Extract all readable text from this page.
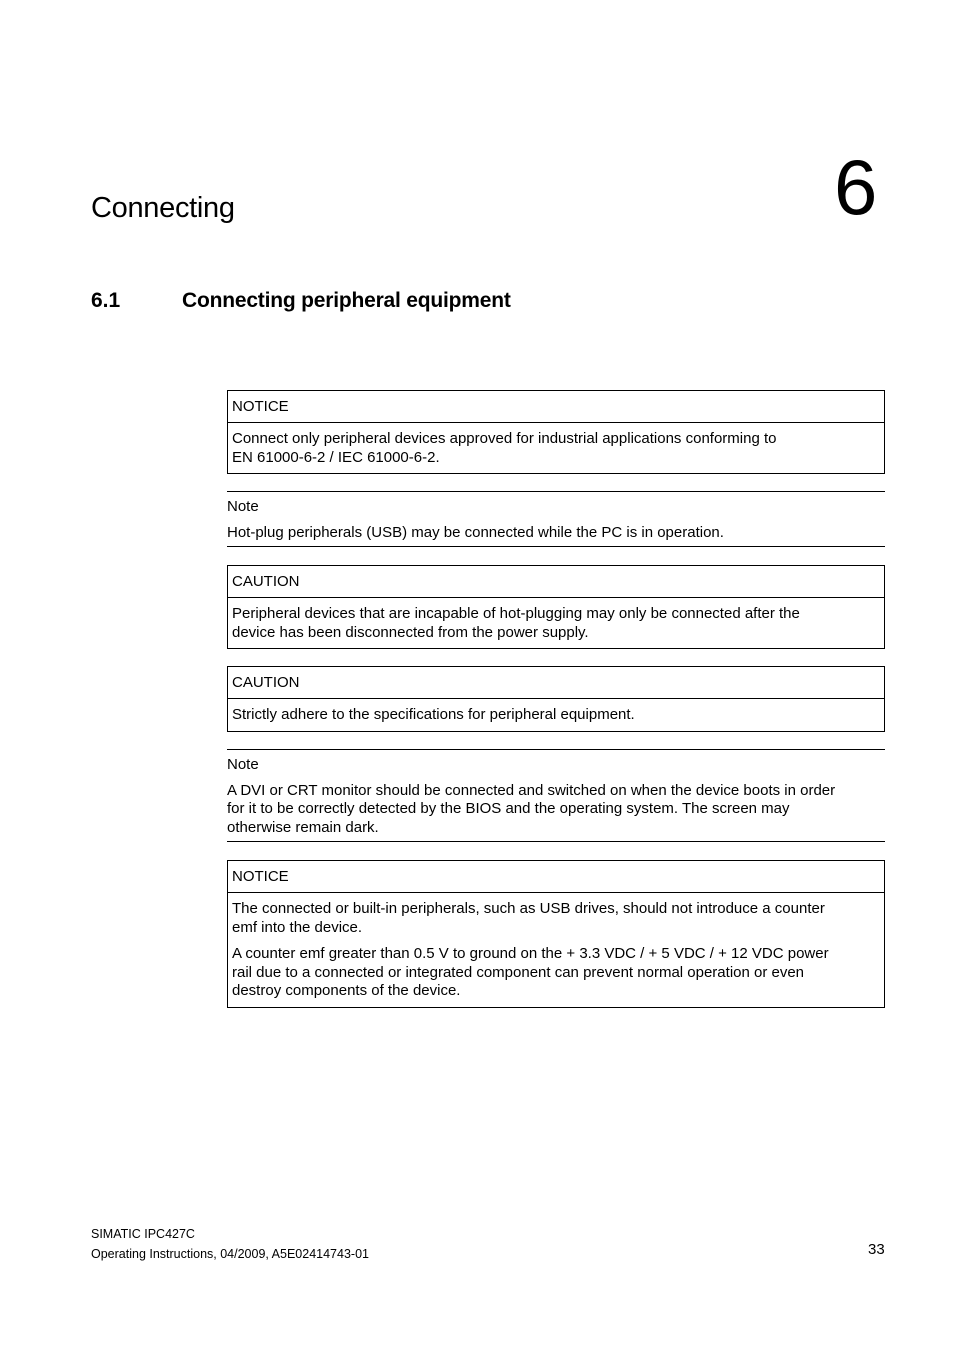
Connecting	6
6.1	Connecting peripheral equipment
NOTICE
Connect only peripheral devices approved for industrial applications conforming to
EN 61000-6-2 / IEC 61000-6-2.
Note
Hot-plug peripherals (USB) may be connected while the PC is in operation.
CAUTION
Peripheral devices that are incapable of hot-plugging may only be connected after the
device has been disconnected from the power supply.
CAUTION
Strictly adhere to the specifications for peripheral equipment.
Note
A DVI or CRT monitor should be connected and switched on when the device boots in order
for it to be correctly detected by the BIOS and the operating system. The screen may
otherwise remain dark.
NOTICE

The connected or built-in peripherals, such as USB drives, should not introduce a counter
emf into the device.

A counter emf greater than 0.5 V to ground on the + 3.3 VDC / + 5 VDC / + 12 VDC power
rail due to a connected or integrated component can prevent normal operation or even
destroy components of the device.

SIMATIC IPC427C
Operating Instructions, 04/2009, A5E02414743-01	33
